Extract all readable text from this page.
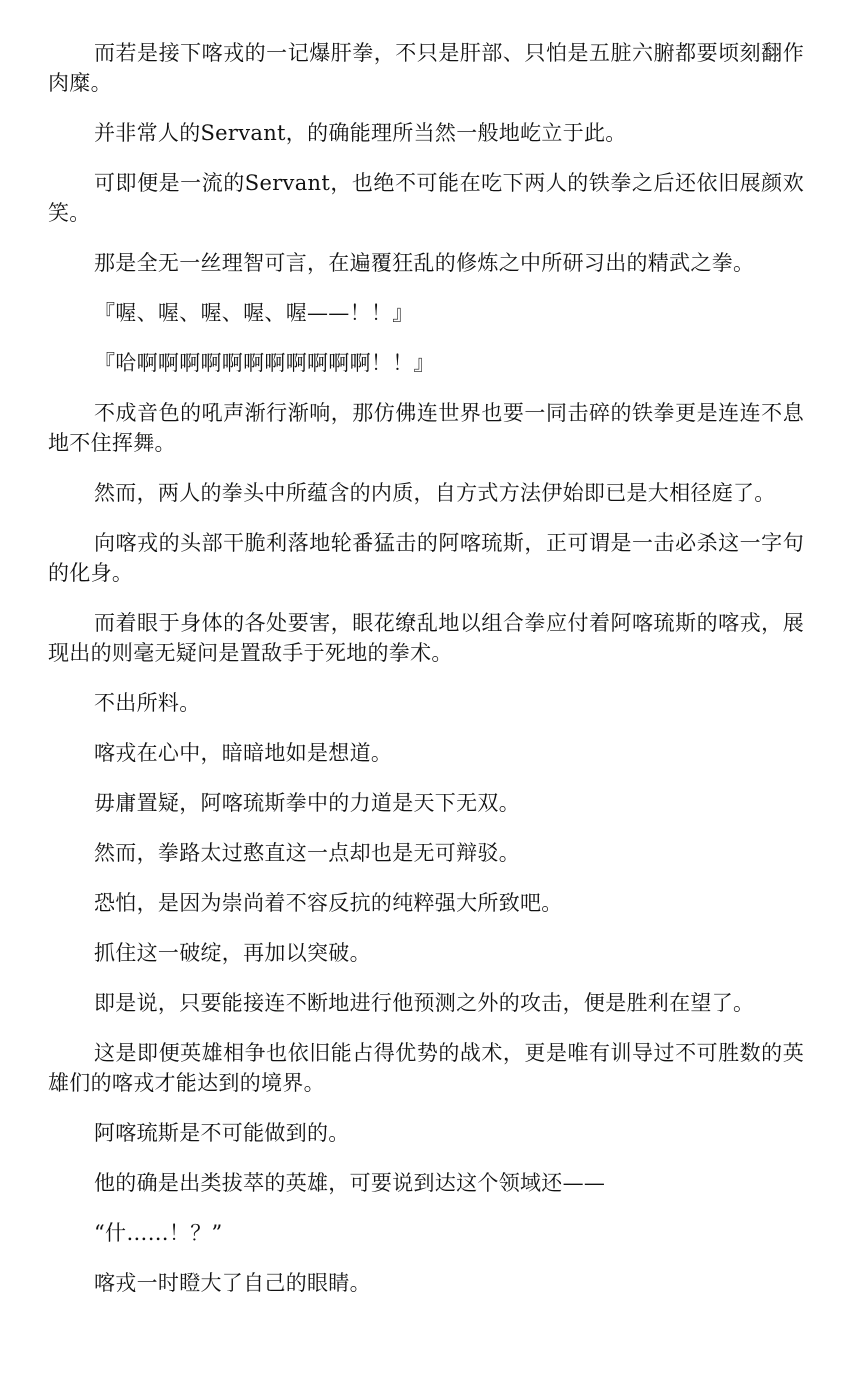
而若是接下喀戎的一记爆肝拳，不只是肝部、只怕是五脏六腑都要顷刻翻作肉糜。

并非常人的Servant，的确能理所当然一般地屹立于此。

可即便是一流的Servant，也绝不可能在吃下两人的铁拳之后还依旧展颜欢笑。

那是全无一丝理智可言，在遍覆狂乱的修炼之中所研习出的精武之拳。

『喔、喔、喔、喔、喔——！！』

『哈啊啊啊啊啊啊啊啊啊啊啊！！』

不成音色的吼声渐行渐响，那仿佛连世界也要一同击碎的铁拳更是连连不息地不住挥舞。

然而，两人的拳头中所蕴含的内质，自方式方法伊始即已是大相径庭了。

向喀戎的头部干脆利落地轮番猛击的阿喀琉斯，正可谓是一击必杀这一字句的化身。

而着眼于身体的各处要害，眼花缭乱地以组合拳应付着阿喀琉斯的喀戎，展现出的则毫无疑问是置敌手于死地的拳术。

不出所料。

喀戎在心中，暗暗地如是想道。

毋庸置疑，阿喀琉斯拳中的力道是天下无双。

然而，拳路太过憨直这一点却也是无可辩驳。

恐怕，是因为崇尚着不容反抗的纯粹强大所致吧。

抓住这一破绽，再加以突破。

即是说，只要能接连不断地进行他预测之外的攻击，便是胜利在望了。

这是即便英雄相争也依旧能占得优势的战术，更是唯有训导过不可胜数的英雄们的喀戎才能达到的境界。

阿喀琉斯是不可能做到的。

他的确是出类拔萃的英雄，可要说到达这个领域还——

“什……！？”

喀戎一时瞪大了自己的眼睛。
